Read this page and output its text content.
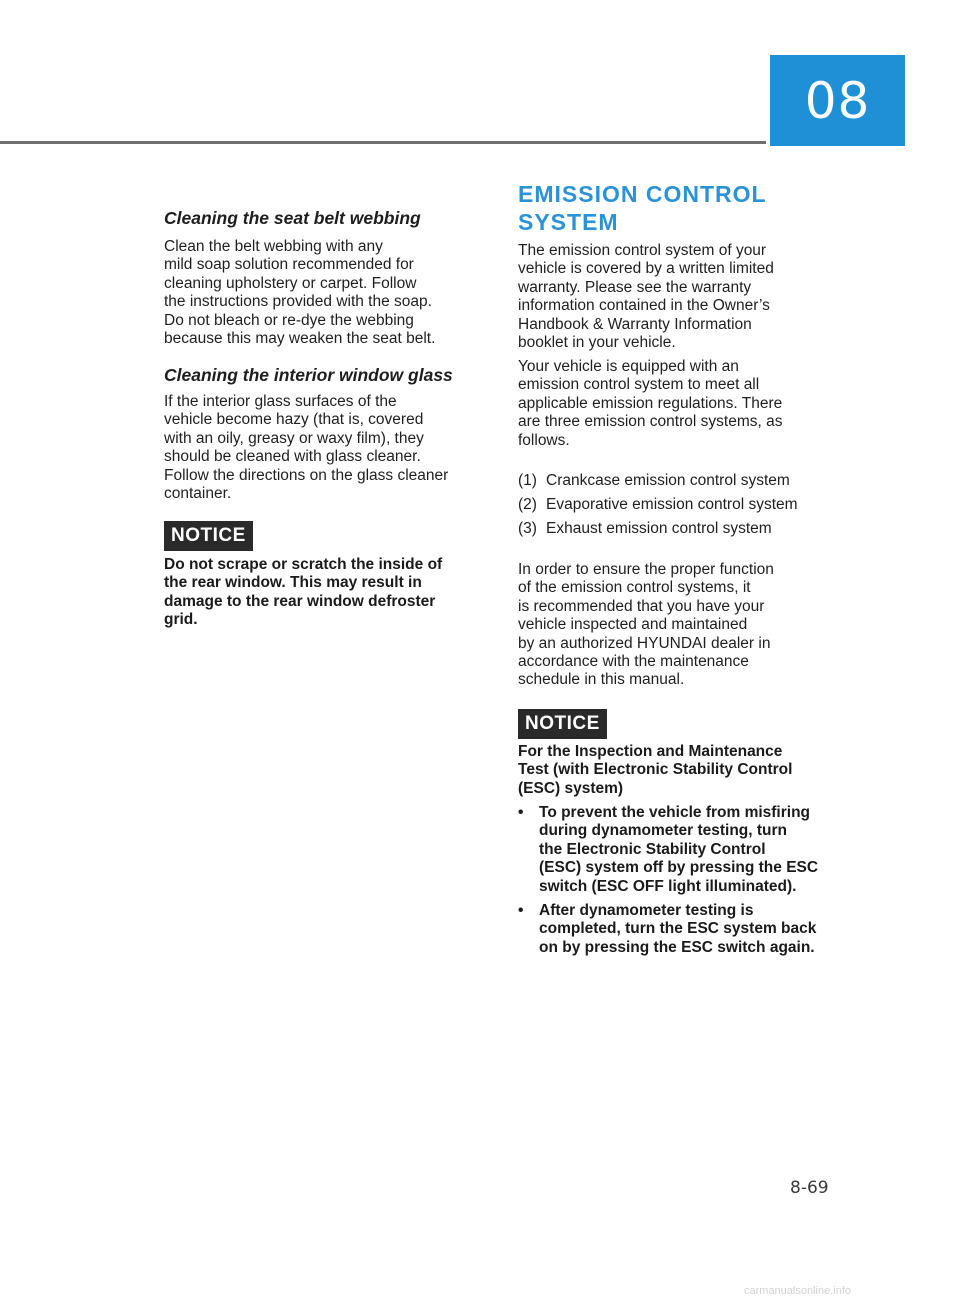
08
Cleaning the seat belt webbing
Clean the belt webbing with any
mild soap solution recommended for
cleaning upholstery or carpet. Follow
the instructions provided with the soap.
Do not bleach or re-dye the webbing
because this may weaken the seat belt.
Cleaning the interior window glass
If the interior glass surfaces of the
vehicle become hazy (that is, covered
with an oily, greasy or waxy film), they
should be cleaned with glass cleaner.
Follow the directions on the glass cleaner
container.
NOTICE
Do not scrape or scratch the inside of
the rear window. This may result in
damage to the rear window defroster
grid.
EMISSION CONTROL
SYSTEM
The emission control system of your
vehicle is covered by a written limited
warranty. Please see the warranty
information contained in the Owner’s
Handbook & Warranty Information
booklet in your vehicle.
Your vehicle is equipped with an
emission control system to meet all
applicable emission regulations. There
are three emission control systems, as
follows.
(1) Crankcase emission control system
(2) Evaporative emission control system
(3) Exhaust emission control system
In order to ensure the proper function
of the emission control systems, it
is recommended that you have your
vehicle inspected and maintained
by an authorized HYUNDAI dealer in
accordance with the maintenance
schedule in this manual.
NOTICE
For the Inspection and Maintenance
Test (with Electronic Stability Control
(ESC) system)
• To prevent the vehicle from misfiring
during dynamometer testing, turn
the Electronic Stability Control
(ESC) system off by pressing the ESC
switch (ESC OFF light illuminated).
• After dynamometer testing is
completed, turn the ESC system back
on by pressing the ESC switch again.
8-69
carmanualsonline.info
